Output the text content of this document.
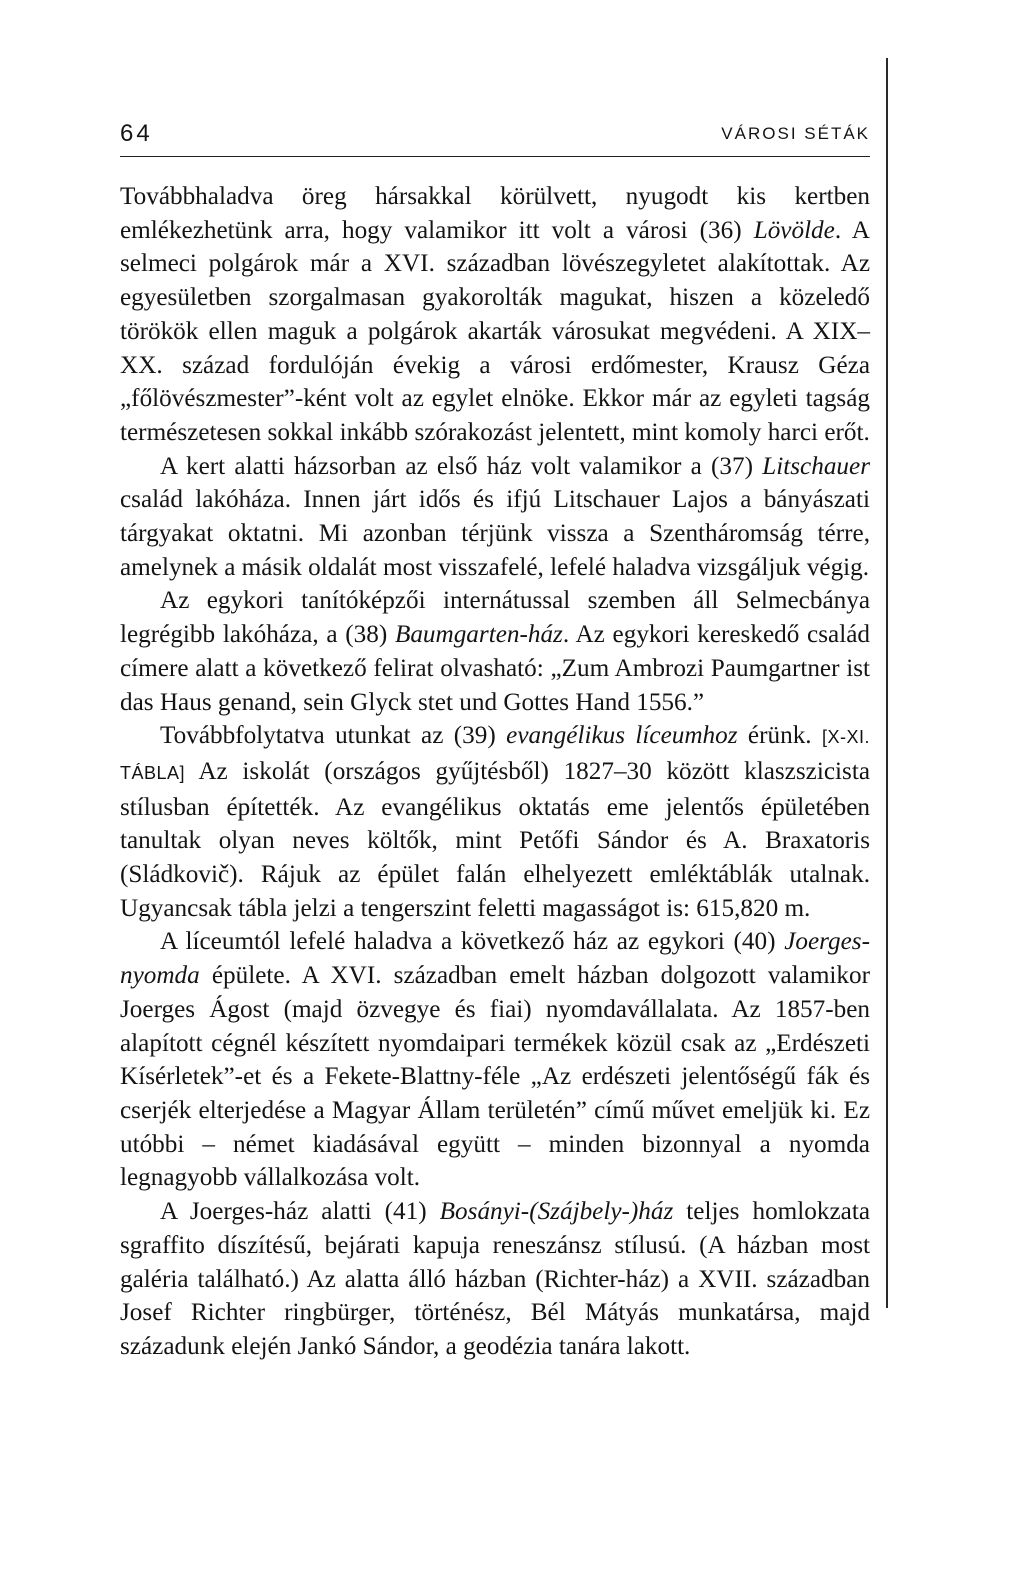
64	VÁROSI SÉTÁK

Továbbhaladva öreg hársakkal körülvett, nyugodt kis kertben emlékezhetünk arra, hogy valamikor itt volt a városi (36) Lövölde. A selmeci polgárok már a XVI. században lövészegyletet alakítottak. Az egyesületben szorgalmasan gyakorolták magukat, hiszen a közeledő törökök ellen maguk a polgárok akarták városukat megvédeni. A XIX–XX. század fordulóján évekig a városi erdőmester, Krausz Géza „főlövészmester”-ként volt az egylet elnöke. Ekkor már az egyleti tagság természetesen sokkal inkább szórakozást jelentett, mint komoly harci erőt.

A kert alatti házsorban az első ház volt valamikor a (37) Litschauer család lakóháza. Innen járt idős és ifjú Litschauer Lajos a bányászati tárgyakat oktatni. Mi azonban térjünk vissza a Szentháromság térre, amelynek a másik oldalát most visszafelé, lefelé haladva vizsgáljuk végig.

Az egykori tanítóképzői internátussal szemben áll Selmecbánya legrégibb lakóháza, a (38) Baumgarten-ház. Az egykori kereskedő család címere alatt a következő felirat olvasható: „Zum Ambrozi Paumgartner ist das Haus genand, sein Glyck stet und Gottes Hand 1556.”

Továbbfolytatva utunkat az (39) evangélikus líceumhoz érünk. [X-XI. TÁBLA] Az iskolát (országos gyűjtésből) 1827–30 között klaszszicista stílusban építették. Az evangélikus oktatás eme jelentős épületében tanultak olyan neves költők, mint Petőfi Sándor és A. Braxatoris (Sládkovič). Rájuk az épület falán elhelyezett emléktáblák utalnak. Ugyancsak tábla jelzi a tengerszint feletti magasságot is: 615,820 m.

A líceumtól lefelé haladva a következő ház az egykori (40) Joerges-nyomda épülete. A XVI. században emelt házban dolgozott valamikor Joerges Ágost (majd özvegye és fiai) nyomdavállalata. Az 1857-ben alapított cégnél készített nyomdaipari termékek közül csak az „Erdészeti Kísérletek”-et és a Fekete-Blattny-féle „Az erdészeti jelentőségű fák és cserjék elterjedése a Magyar Állam területén” című művet emeljük ki. Ez utóbbi – német kiadásával együtt – minden bizonnyal a nyomda legnagyobb vállalkozása volt.

A Joerges-ház alatti (41) Bosányi-(Szájbely-)ház teljes homlokzata sgraffito díszítésű, bejárati kapuja reneszánsz stílusú. (A házban most galéria található.) Az alatta álló házban (Richter-ház) a XVII. században Josef Richter ringbürger, történész, Bél Mátyás munkatársa, majd századunk elején Jankó Sándor, a geodézia tanára lakott.
